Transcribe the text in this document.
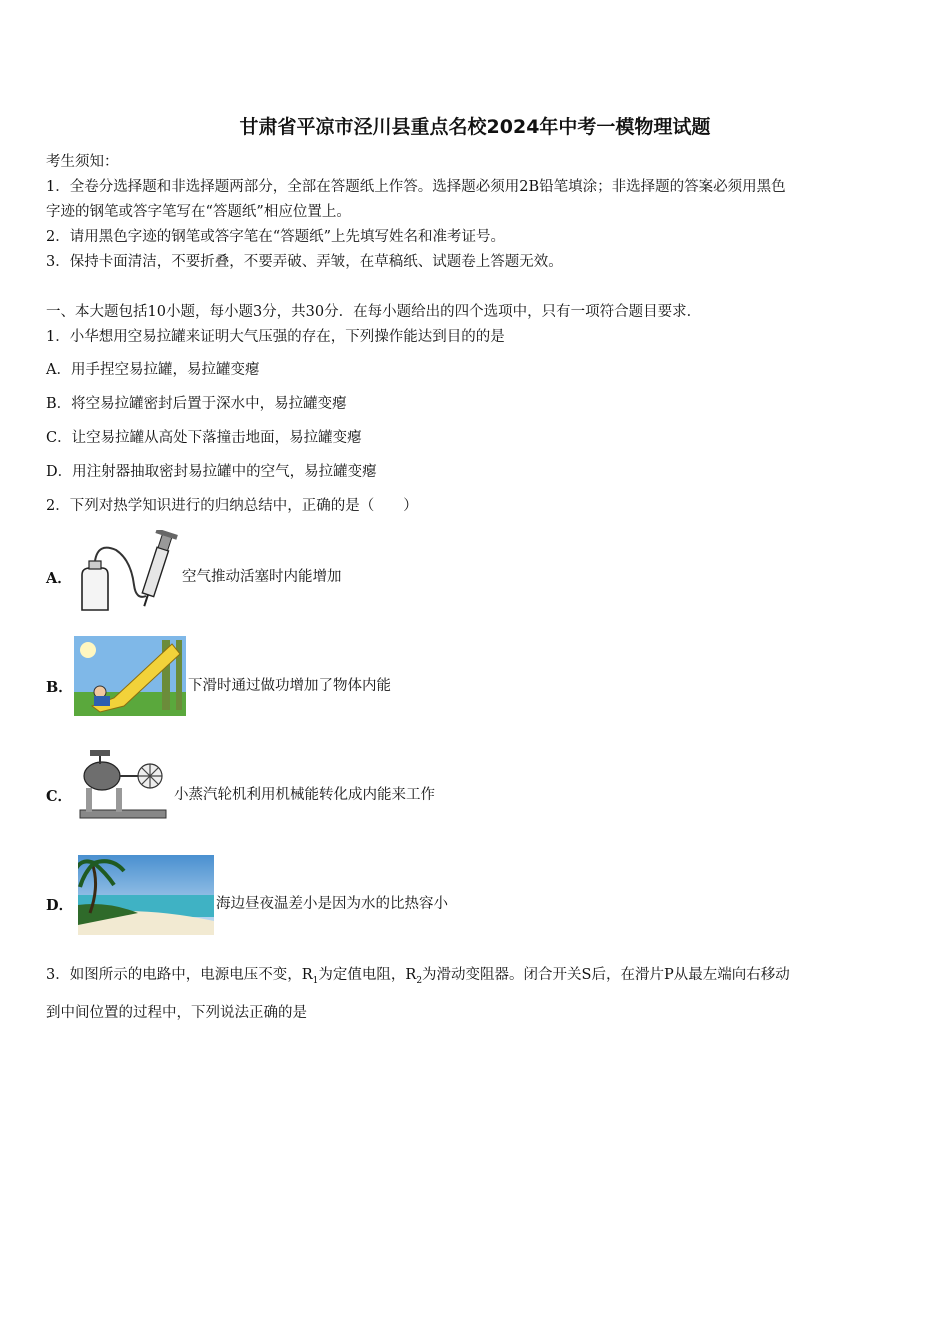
甘肃省平凉市泾川县重点名校2024年中考一模物理试题
考生须知：
1．全卷分选择题和非选择题两部分，全部在答题纸上作答。选择题必须用2B铅笔填涂；非选择题的答案必须用黑色
字迹的钢笔或答字笔写在“答题纸”相应位置上。
2．请用黑色字迹的钢笔或答字笔在“答题纸”上先填写姓名和准考证号。
3．保持卡面清洁，不要折叠，不要弄破、弄皱，在草稿纸、试题卷上答题无效。
一、本大题包括10小题，每小题3分，共30分．在每小题给出的四个选项中，只有一项符合题目要求．
1．小华想用空易拉罐来证明大气压强的存在，下列操作能达到目的的是
A．用手捏空易拉罐，易拉罐变瘪
B．将空易拉罐密封后置于深水中，易拉罐变瘪
C．让空易拉罐从高处下落撞击地面，易拉罐变瘪
D．用注射器抽取密封易拉罐中的空气，易拉罐变瘪
2．下列对热学知识进行的归纳总结中，正确的是（　　）
A．	空气推动活塞时内能增加
B．	下滑时通过做功增加了物体内能
C．	小蒸汽轮机利用机械能转化成内能来工作
D．	海边昼夜温差小是因为水的比热容小
3．如图所示的电路中，电源电压不变，$R_1$为定值电阻，$R_2$为滑动变阻器。闭合开关S后，在滑片P从最左端向右移动
到中间位置的过程中，下列说法正确的是
